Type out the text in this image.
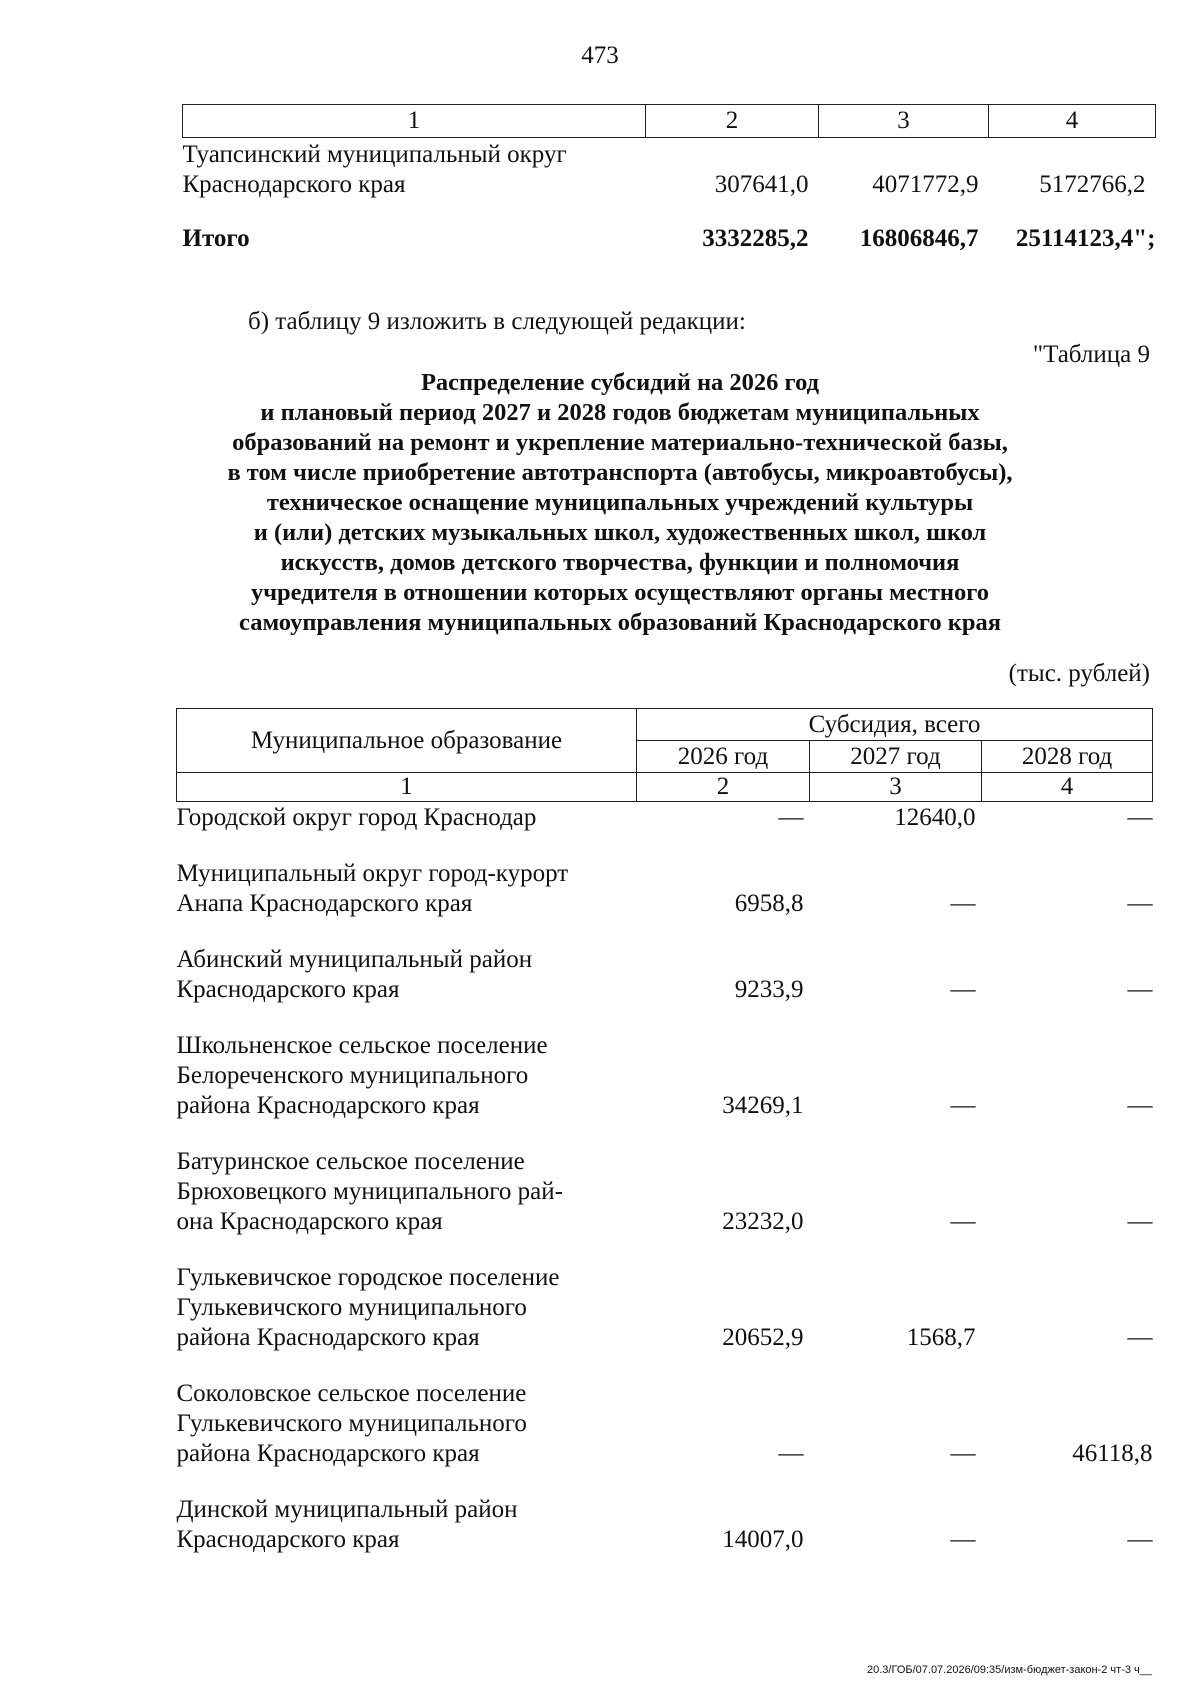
473
1	2	3	4
Туапсинский муниципальный округ Краснодарского края	307641,0	4071772,9	5172766,2
Итого	3332285,2	16806846,7	25114123,4";
б) таблицу 9 изложить в следующей редакции:
"Таблица 9
Распределение субсидий на 2026 год
и плановый период 2027 и 2028 годов бюджетам муниципальных
образований на ремонт и укрепление материально-технической базы,
в том числе приобретение автотранспорта (автобусы, микроавтобусы),
техническое оснащение муниципальных учреждений культуры
и (или) детских музыкальных школ, художественных школ, школ
искусств, домов детского творчества, функции и полномочия
учредителя в отношении которых осуществляют органы местного
самоуправления муниципальных образований Краснодарского края
(тыс. рублей)
Муниципальное образование	Субсидия, всего		
	2026 год	2027 год	2028 год
1	2	3	4

Городской округ город Краснодар	—	12640,0	—

Муниципальный округ город-курорт
Анапа Краснодарского края	6958,8	—	—

Абинский муниципальный район
Краснодарского края	9233,9	—	—

Школьненское сельское поселение
Белореченского муниципального
района Краснодарского края	34269,1	—	—

Батуринское сельское поселение
Брюховецкого муниципального рай-
она Краснодарского края	23232,0	—	—

Гулькевичское городское поселение
Гулькевичского муниципального
района Краснодарского края	20652,9	1568,7	—

Соколовское сельское поселение
Гулькевичского муниципального
района Краснодарского края	—	—	46118,8

Динской муниципальный район
Краснодарского края	14007,0	—	—
20.3/ГОБ/07.07.2026/09:35/изм-бюджет-закон-2 чт-3 ч__
